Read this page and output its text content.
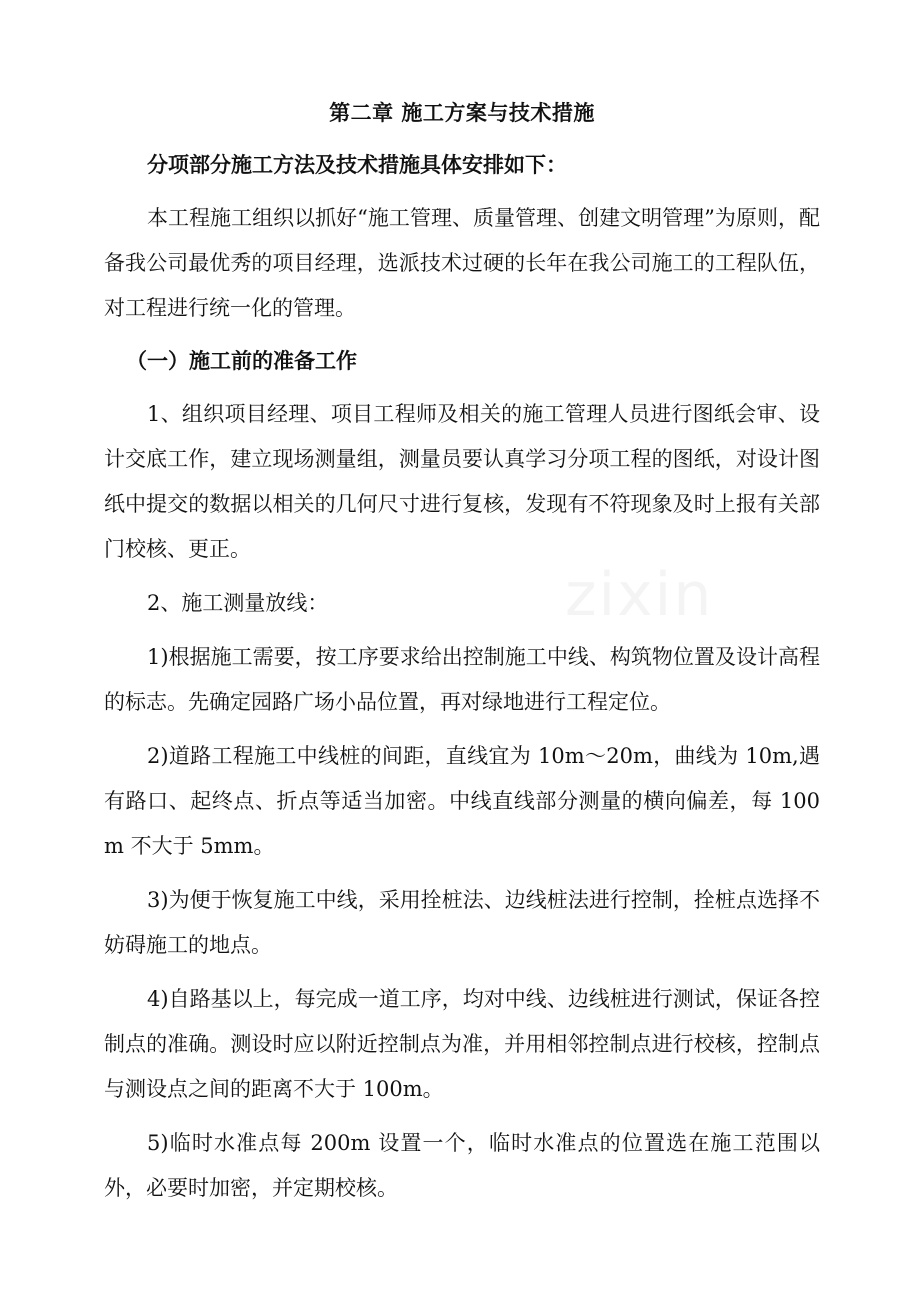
zixin
第二章 施工方案与技术措施
分项部分施工方法及技术措施具体安排如下：
本工程施工组织以抓好“施工管理、质量管理、创建文明管理”为原则，配备我公司最优秀的项目经理，选派技术过硬的长年在我公司施工的工程队伍，对工程进行统一化的管理。
（一）施工前的准备工作
1、组织项目经理、项目工程师及相关的施工管理人员进行图纸会审、设计交底工作，建立现场测量组，测量员要认真学习分项工程的图纸，对设计图纸中提交的数据以相关的几何尺寸进行复核，发现有不符现象及时上报有关部门校核、更正。
2、施工测量放线：
1)根据施工需要，按工序要求给出控制施工中线、构筑物位置及设计高程的标志。先确定园路广场小品位置，再对绿地进行工程定位。
2)道路工程施工中线桩的间距，直线宜为 10m～20m，曲线为 10m,遇有路口、起终点、折点等适当加密。中线直线部分测量的横向偏差，每 100m 不大于 5mm。
3)为便于恢复施工中线，采用拴桩法、边线桩法进行控制，拴桩点选择不妨碍施工的地点。
4)自路基以上，每完成一道工序，均对中线、边线桩进行测试，保证各控制点的准确。测设时应以附近控制点为准，并用相邻控制点进行校核，控制点与测设点之间的距离不大于 100m。
5)临时水准点每 200m 设置一个，临时水准点的位置选在施工范围以外，必要时加密，并定期校核。
